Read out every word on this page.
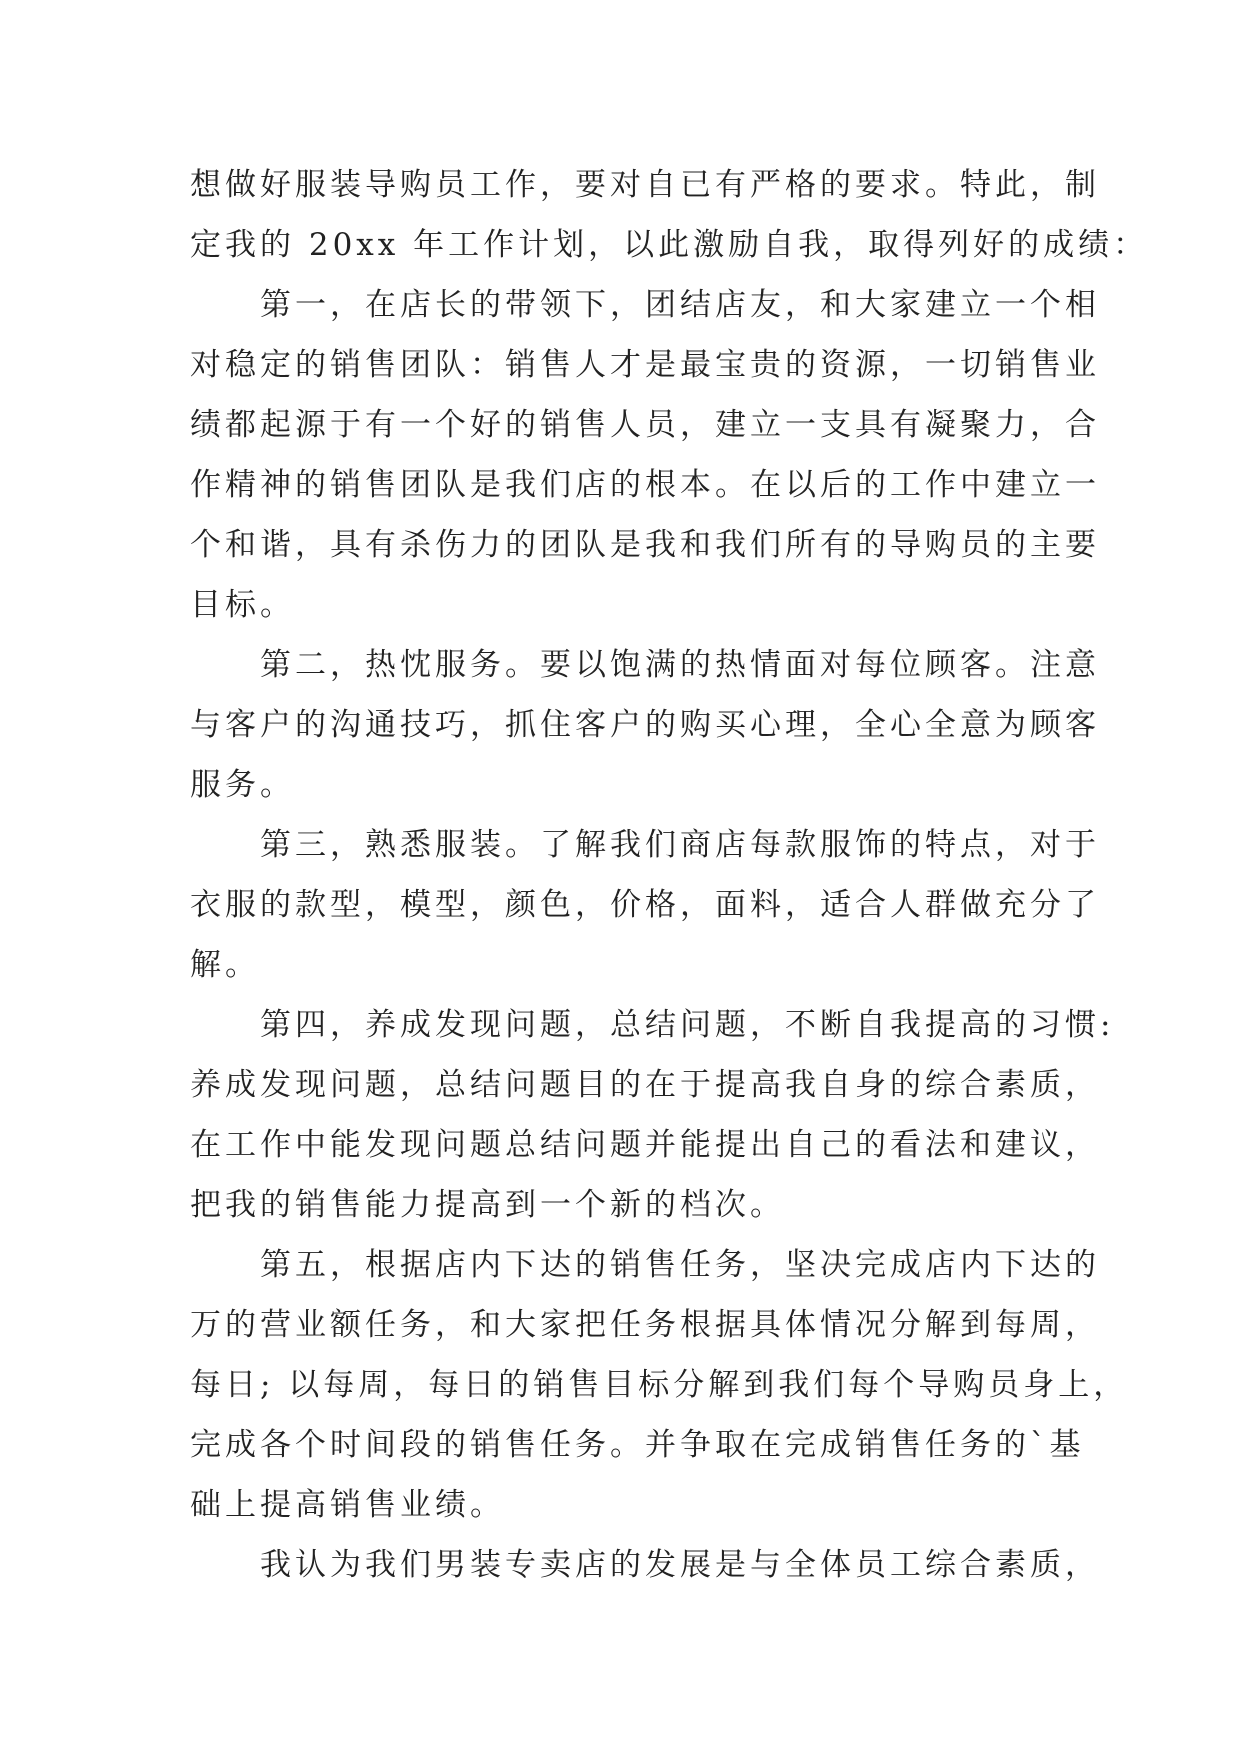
想做好服装导购员工作，要对自已有严格的要求。特此，制
定我的 20xx 年工作计划，以此激励自我，取得列好的成绩：

第一，在店长的带领下，团结店友，和大家建立一个相
对稳定的销售团队：销售人才是最宝贵的资源，一切销售业
绩都起源于有一个好的销售人员，建立一支具有凝聚力，合
作精神的销售团队是我们店的根本。在以后的工作中建立一
个和谐，具有杀伤力的团队是我和我们所有的导购员的主要
目标。

第二，热忱服务。要以饱满的热情面对每位顾客。注意
与客户的沟通技巧，抓住客户的购买心理，全心全意为顾客
服务。

第三，熟悉服装。了解我们商店每款服饰的特点，对于
衣服的款型，模型，颜色，价格，面料，适合人群做充分了
解。

第四，养成发现问题，总结问题，不断自我提高的习惯:
养成发现问题，总结问题目的在于提高我自身的综合素质，
在工作中能发现问题总结问题并能提出自己的看法和建议，
把我的销售能力提高到一个新的档次。

第五，根据店内下达的销售任务，坚决完成店内下达的
万的营业额任务，和大家把任务根据具体情况分解到每周，
每日; 以每周，每日的销售目标分解到我们每个导购员身上，
完成各个时间段的销售任务。并争取在完成销售任务的`基
础上提高销售业绩。

我认为我们男装专卖店的发展是与全体员工综合素质，
